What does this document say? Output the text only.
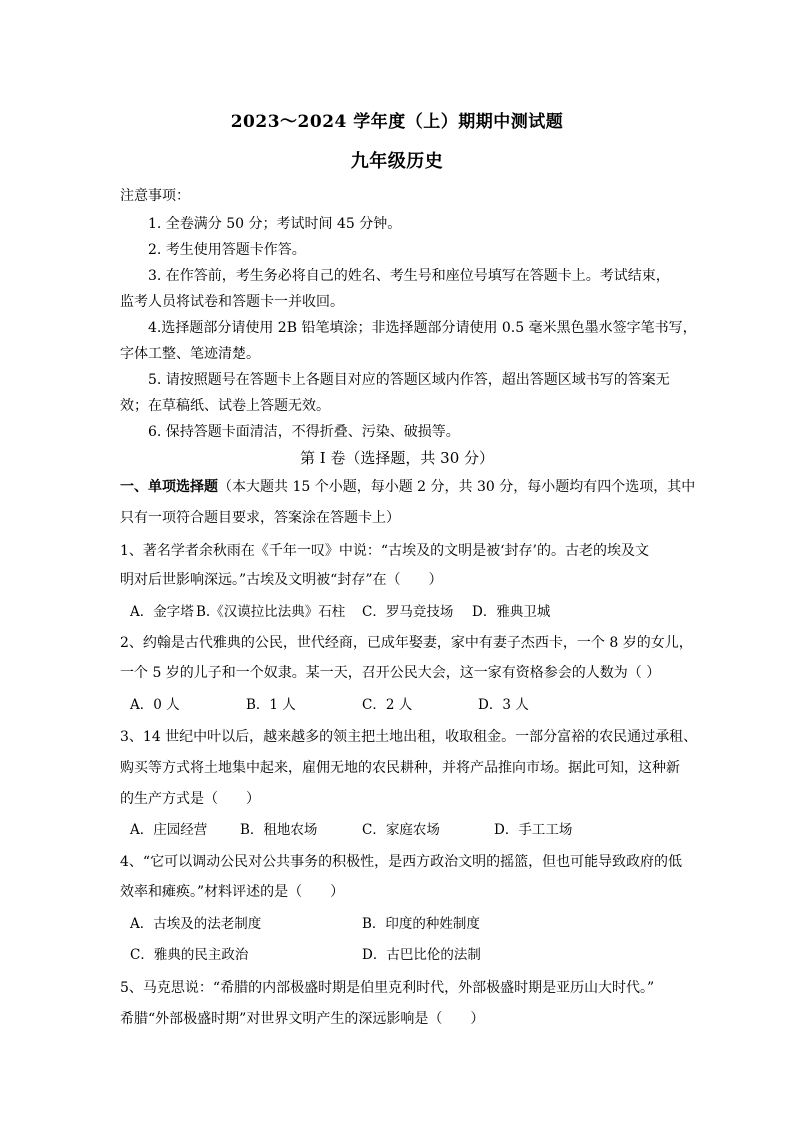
2023～2024 学年度（上）期期中测试题
九年级历史
注意事项：
1. 全卷满分 50 分；考试时间 45 分钟。
2. 考生使用答题卡作答。
3. 在作答前，考生务必将自己的姓名、考生号和座位号填写在答题卡上。考试结束，
监考人员将试卷和答题卡一并收回。
4.选择题部分请使用 2B 铅笔填涂；非选择题部分请使用 0.5 毫米黑色墨水签字笔书写，
字体工整、笔迹清楚。
5. 请按照题号在答题卡上各题目对应的答题区域内作答，超出答题区域书写的答案无
效；在草稿纸、试卷上答题无效。
6. 保持答题卡面清洁，不得折叠、污染、破损等。
第 I 卷（选择题，共 30 分）
一、单项选择题（本大题共 15 个小题，每小题 2 分，共 30 分，每小题均有四个选项，其中
只有一项符合题目要求，答案涂在答题卡上）
1、著名学者余秋雨在《千年一叹》中说：“古埃及的文明是被‘封存’的。古老的埃及文
明对后世影响深远。”古埃及文明被“封存”在（　　）
A．金字塔 B.《汉谟拉比法典》石柱 C．罗马竞技场 D．雅典卫城
2、约翰是古代雅典的公民，世代经商，已成年娶妻，家中有妻子杰西卡，一个 8 岁的女儿，
一个 5 岁的儿子和一个奴隶。某一天，召开公民大会，这一家有资格参会的人数为（ ）
A．0 人	B．1 人	C．2 人	D．3 人
3、14 世纪中叶以后，越来越多的领主把土地出租，收取租金。一部分富裕的农民通过承租、
购买等方式将土地集中起来，雇佣无地的农民耕种，并将产品推向市场。据此可知，这种新
的生产方式是（　　）
A．庄园经营 B．租地农场	C．家庭农场	D．手工工场
4、“它可以调动公民对公共事务的积极性，是西方政治文明的摇篮，但也可能导致政府的低
效率和瘫痪。”材料评述的是（　　）
A．古埃及的法老制度	B．印度的种姓制度
C．雅典的民主政治	D．古巴比伦的法制
5、马克思说：“希腊的内部极盛时期是伯里克利时代，外部极盛时期是亚历山大时代。”
希腊“外部极盛时期”对世界文明产生的深远影响是（　　）
